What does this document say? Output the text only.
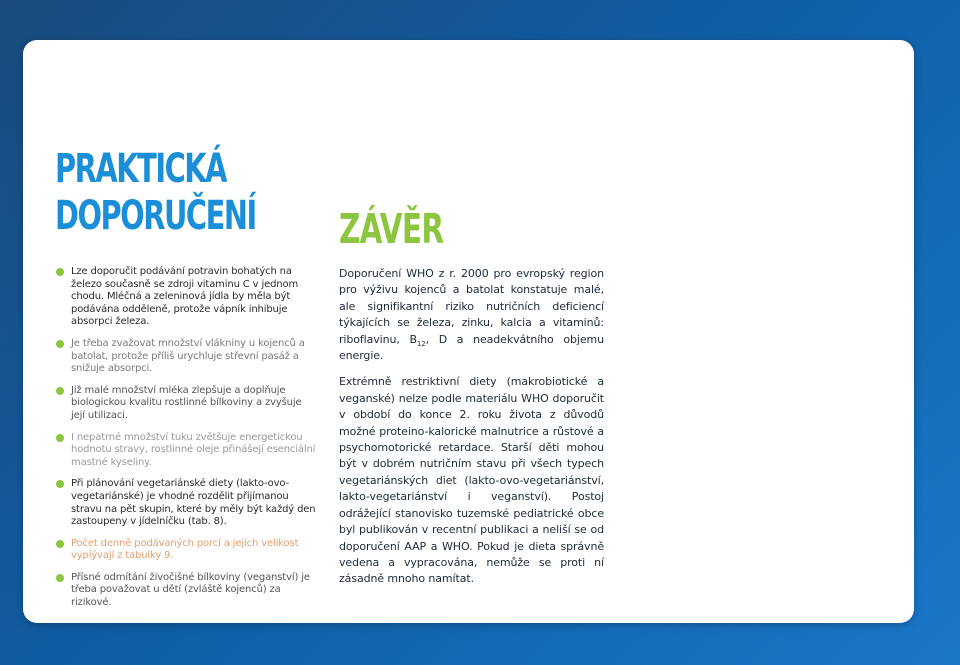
PRAKTICKÁ
DOPORUČENÍ
Lze doporučit podávání potravin bohatých na železo současně se zdroji vitaminu C v jednom chodu. Mléčná a zeleninová jídla by měla být podávána odděleně, protože vápník inhibuje absorpci železa.
Je třeba zvažovat množství vlákniny u kojenců a batolat, protože příliš urychluje střevní pasáž a snižuje absorpci.
Již malé množství mléka zlepšuje a doplňuje biologickou kvalitu rostlinné bílkoviny a zvyšuje její utilizaci.
I nepatrné množství tuku zvětšuje energetickou hodnotu stravy, rostlinné oleje přinášejí esenciální mastné kyseliny.
Při plánování vegetariánské diety (lakto-ovo-vegetariánské) je vhodné rozdělit přijímanou stravu na pět skupin, které by měly být každý den zastoupeny v jídelníčku (tab. 8).
Počet denně podávaných porcí a jejich velikost vyplývají z tabulky 9.
Přísné odmítání živočišné bílkoviny (veganství) je třeba považovat u dětí (zvláště kojenců) za rizikové.
ZÁVĚR

Doporučení WHO z r. 2000 pro evropský region pro výživu kojenců a batolat konstatuje malé, ale signifikantní riziko nutričních deficiencí týkajících se železa, zinku, kalcia a vitaminů: riboflavinu, $B_{12}$, D a neadekvátního objemu energie.

Extrémně restriktivní diety (makrobiotické a veganské) nelze podle materiálu WHO doporučit v období do konce 2. roku života z důvodů možné proteino-kalorické malnutrice a růstové a psychomotorické retardace. Starší děti mohou být v dobrém nutričním stavu při všech typech vegetariánských diet (lakto-ovo-vegetariánství, lakto-vegetariánství i veganství). Postoj odrážející stanovisko tuzemské pediatrické obce byl publikován v recentní publikaci a neliší se od doporučení AAP a WHO. Pokud je dieta správně vedena a vypracována, nemůže se proti ní zásadně mnoho namítat.
